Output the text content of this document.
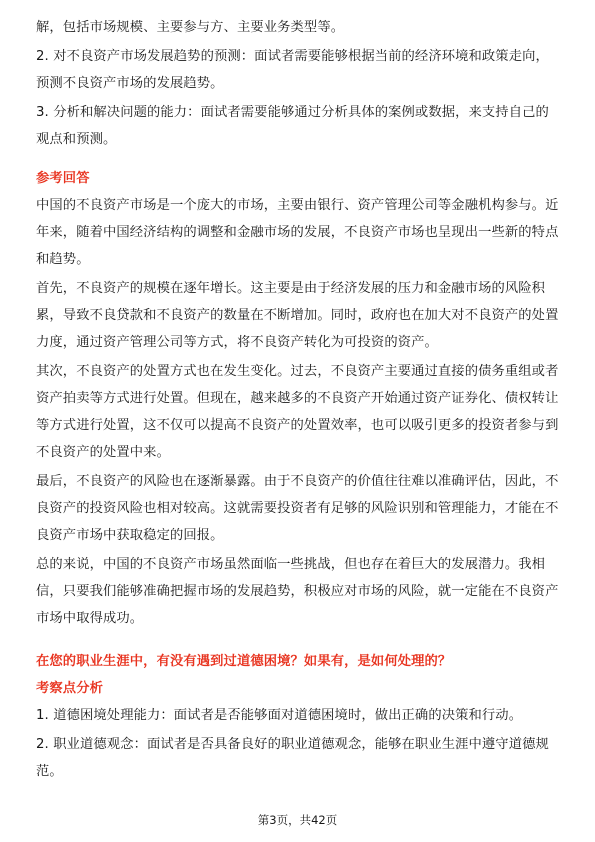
解，包括市场规模、主要参与方、主要业务类型等。

2. 对不良资产市场发展趋势的预测：面试者需要能够根据当前的经济环境和政策走向，预测不良资产市场的发展趋势。

3. 分析和解决问题的能力：面试者需要能够通过分析具体的案例或数据，来支持自己的观点和预测。

参考回答

中国的不良资产市场是一个庞大的市场，主要由银行、资产管理公司等金融机构参与。近年来，随着中国经济结构的调整和金融市场的发展，不良资产市场也呈现出一些新的特点和趋势。

首先，不良资产的规模在逐年增长。这主要是由于经济发展的压力和金融市场的风险积累，导致不良贷款和不良资产的数量在不断增加。同时，政府也在加大对不良资产的处置力度，通过资产管理公司等方式，将不良资产转化为可投资的资产。

其次，不良资产的处置方式也在发生变化。过去，不良资产主要通过直接的债务重组或者资产拍卖等方式进行处置。但现在，越来越多的不良资产开始通过资产证券化、债权转让等方式进行处置，这不仅可以提高不良资产的处置效率，也可以吸引更多的投资者参与到不良资产的处置中来。

最后，不良资产的风险也在逐渐暴露。由于不良资产的价值往往难以准确评估，因此，不良资产的投资风险也相对较高。这就需要投资者有足够的风险识别和管理能力，才能在不良资产市场中获取稳定的回报。

总的来说，中国的不良资产市场虽然面临一些挑战，但也存在着巨大的发展潜力。我相信，只要我们能够准确把握市场的发展趋势，积极应对市场的风险，就一定能在不良资产市场中取得成功。

在您的职业生涯中，有没有遇到过道德困境？如果有，是如何处理的？

考察点分析

1. 道德困境处理能力：面试者是否能够面对道德困境时，做出正确的决策和行动。

2. 职业道德观念：面试者是否具备良好的职业道德观念，能够在职业生涯中遵守道德规范。

第3页，共42页
